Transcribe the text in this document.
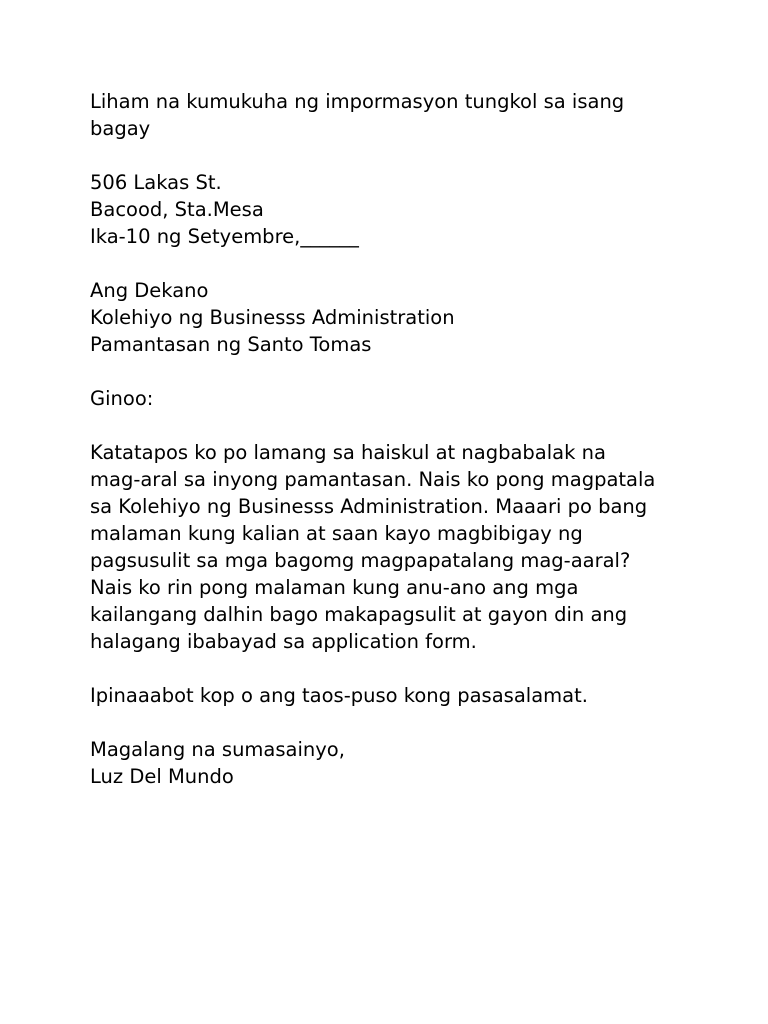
Liham na kumukuha ng impormasyon tungkol sa isang bagay
506 Lakas St.
Bacood, Sta.Mesa
Ika-10 ng Setyembre,______
Ang Dekano
Kolehiyo ng Businesss Administration
Pamantasan ng Santo Tomas
Ginoo:
Katatapos ko po lamang sa haiskul at nagbabalak na
mag-aral sa inyong pamantasan. Nais ko pong magpatala
sa Kolehiyo ng Businesss Administration. Maaari po bang
malaman kung kalian at saan kayo magbibigay ng
pagsusulit sa mga bagomg magpapatalang mag-aaral?
Nais ko rin pong malaman kung anu-ano ang mga
kailangang dalhin bago makapagsulit at gayon din ang
halagang ibabayad sa application form.
Ipinaaabot kop o ang taos-puso kong pasasalamat.
Magalang na sumasainyo,
Luz Del Mundo
